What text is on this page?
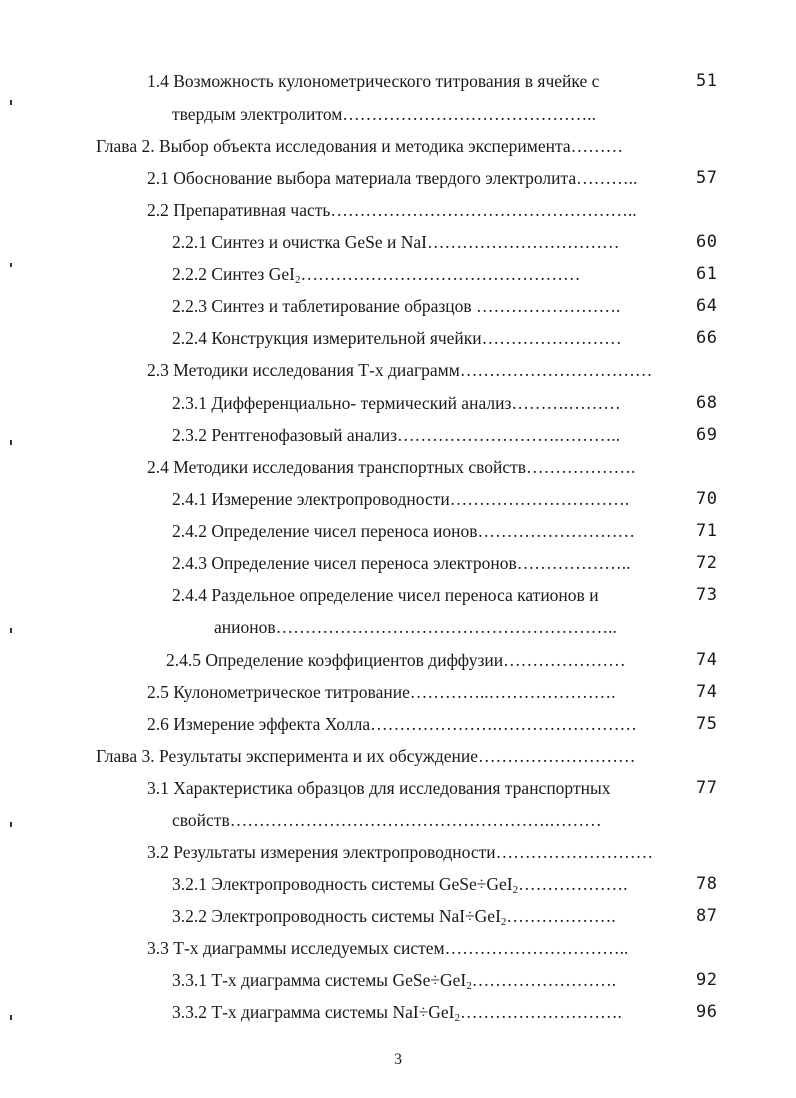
1.4 Возможность кулонометрического титрования в ячейке с	51
твердым электролитом……………………………………..
Глава 2. Выбор объекта исследования и методика эксперимента………
2.1 Обоснование выбора материала твердого электролита………..	57
2.2 Препаративная часть……………………………………………..
2.2.1 Синтез и очистка GeSe и NaI……………………………	60
2.2.2 Синтез GeI$_2$…………………………………………	61
2.2.3 Синтез и таблетирование образцов …………………….	64
2.2.4 Конструкция измерительной ячейки……………………	66
2.3 Методики исследования Т-х диаграмм……………………………
2.3.1 Дифференциально- термический анализ……….………	68
2.3.2 Рентгенофазовый анализ……………………….………..	69
2.4 Методики исследования транспортных свойств……………….
2.4.1 Измерение электропроводности………………………….	70
2.4.2 Определение чисел переноса ионов………………………	71
2.4.3 Определение чисел переноса электронов………………..	72
2.4.4 Раздельное определение чисел переноса катионов и	73
анионов…………………………………………………..
2.4.5 Определение коэффициентов диффузии…………………	74
2.5 Кулонометрическое титрование…………..………………….	74
2.6 Измерение эффекта Холла………………….……………………	75
Глава 3. Результаты эксперимента и их обсуждение………………………
3.1 Характеристика образцов для исследования транспортных	77
свойств……………………………………………….………
3.2 Результаты измерения электропроводности………………………
3.2.1 Электропроводность системы GeSe÷GeI$_2$……………….	78
3.2.2 Электропроводность системы NaI÷GeI$_2$……………….	87
3.3 Т-х диаграммы исследуемых систем…………………………..
3.3.1 Т-х диаграмма системы GeSe÷GeI$_2$…………………….	92
3.3.2 Т-х диаграмма системы NaI÷GeI$_2$……………………….	96
3
